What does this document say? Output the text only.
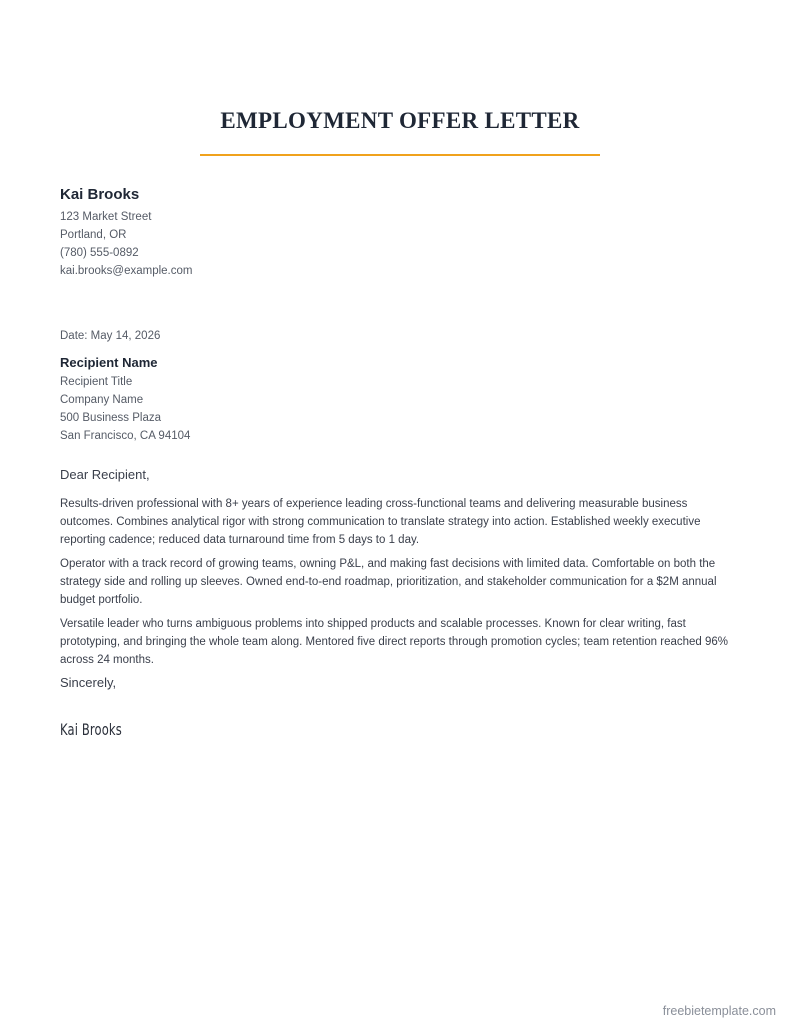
EMPLOYMENT OFFER LETTER
Kai Brooks
123 Market Street
Portland, OR
(780) 555-0892
kai.brooks@example.com
Date: May 14, 2026
Recipient Name
Recipient Title
Company Name
500 Business Plaza
San Francisco, CA 94104
Dear Recipient,

Results-driven professional with 8+ years of experience leading cross-functional teams and delivering measurable business outcomes. Combines analytical rigor with strong communication to translate strategy into action. Established weekly executive reporting cadence; reduced data turnaround time from 5 days to 1 day.

Operator with a track record of growing teams, owning P&L, and making fast decisions with limited data. Comfortable on both the strategy side and rolling up sleeves. Owned end-to-end roadmap, prioritization, and stakeholder communication for a $2M annual budget portfolio.

Versatile leader who turns ambiguous problems into shipped products and scalable processes. Known for clear writing, fast prototyping, and bringing the whole team along. Mentored five direct reports through promotion cycles; team retention reached 96% across 24 months.

Sincerely,
Kai Brooks
freebietemplate.com
